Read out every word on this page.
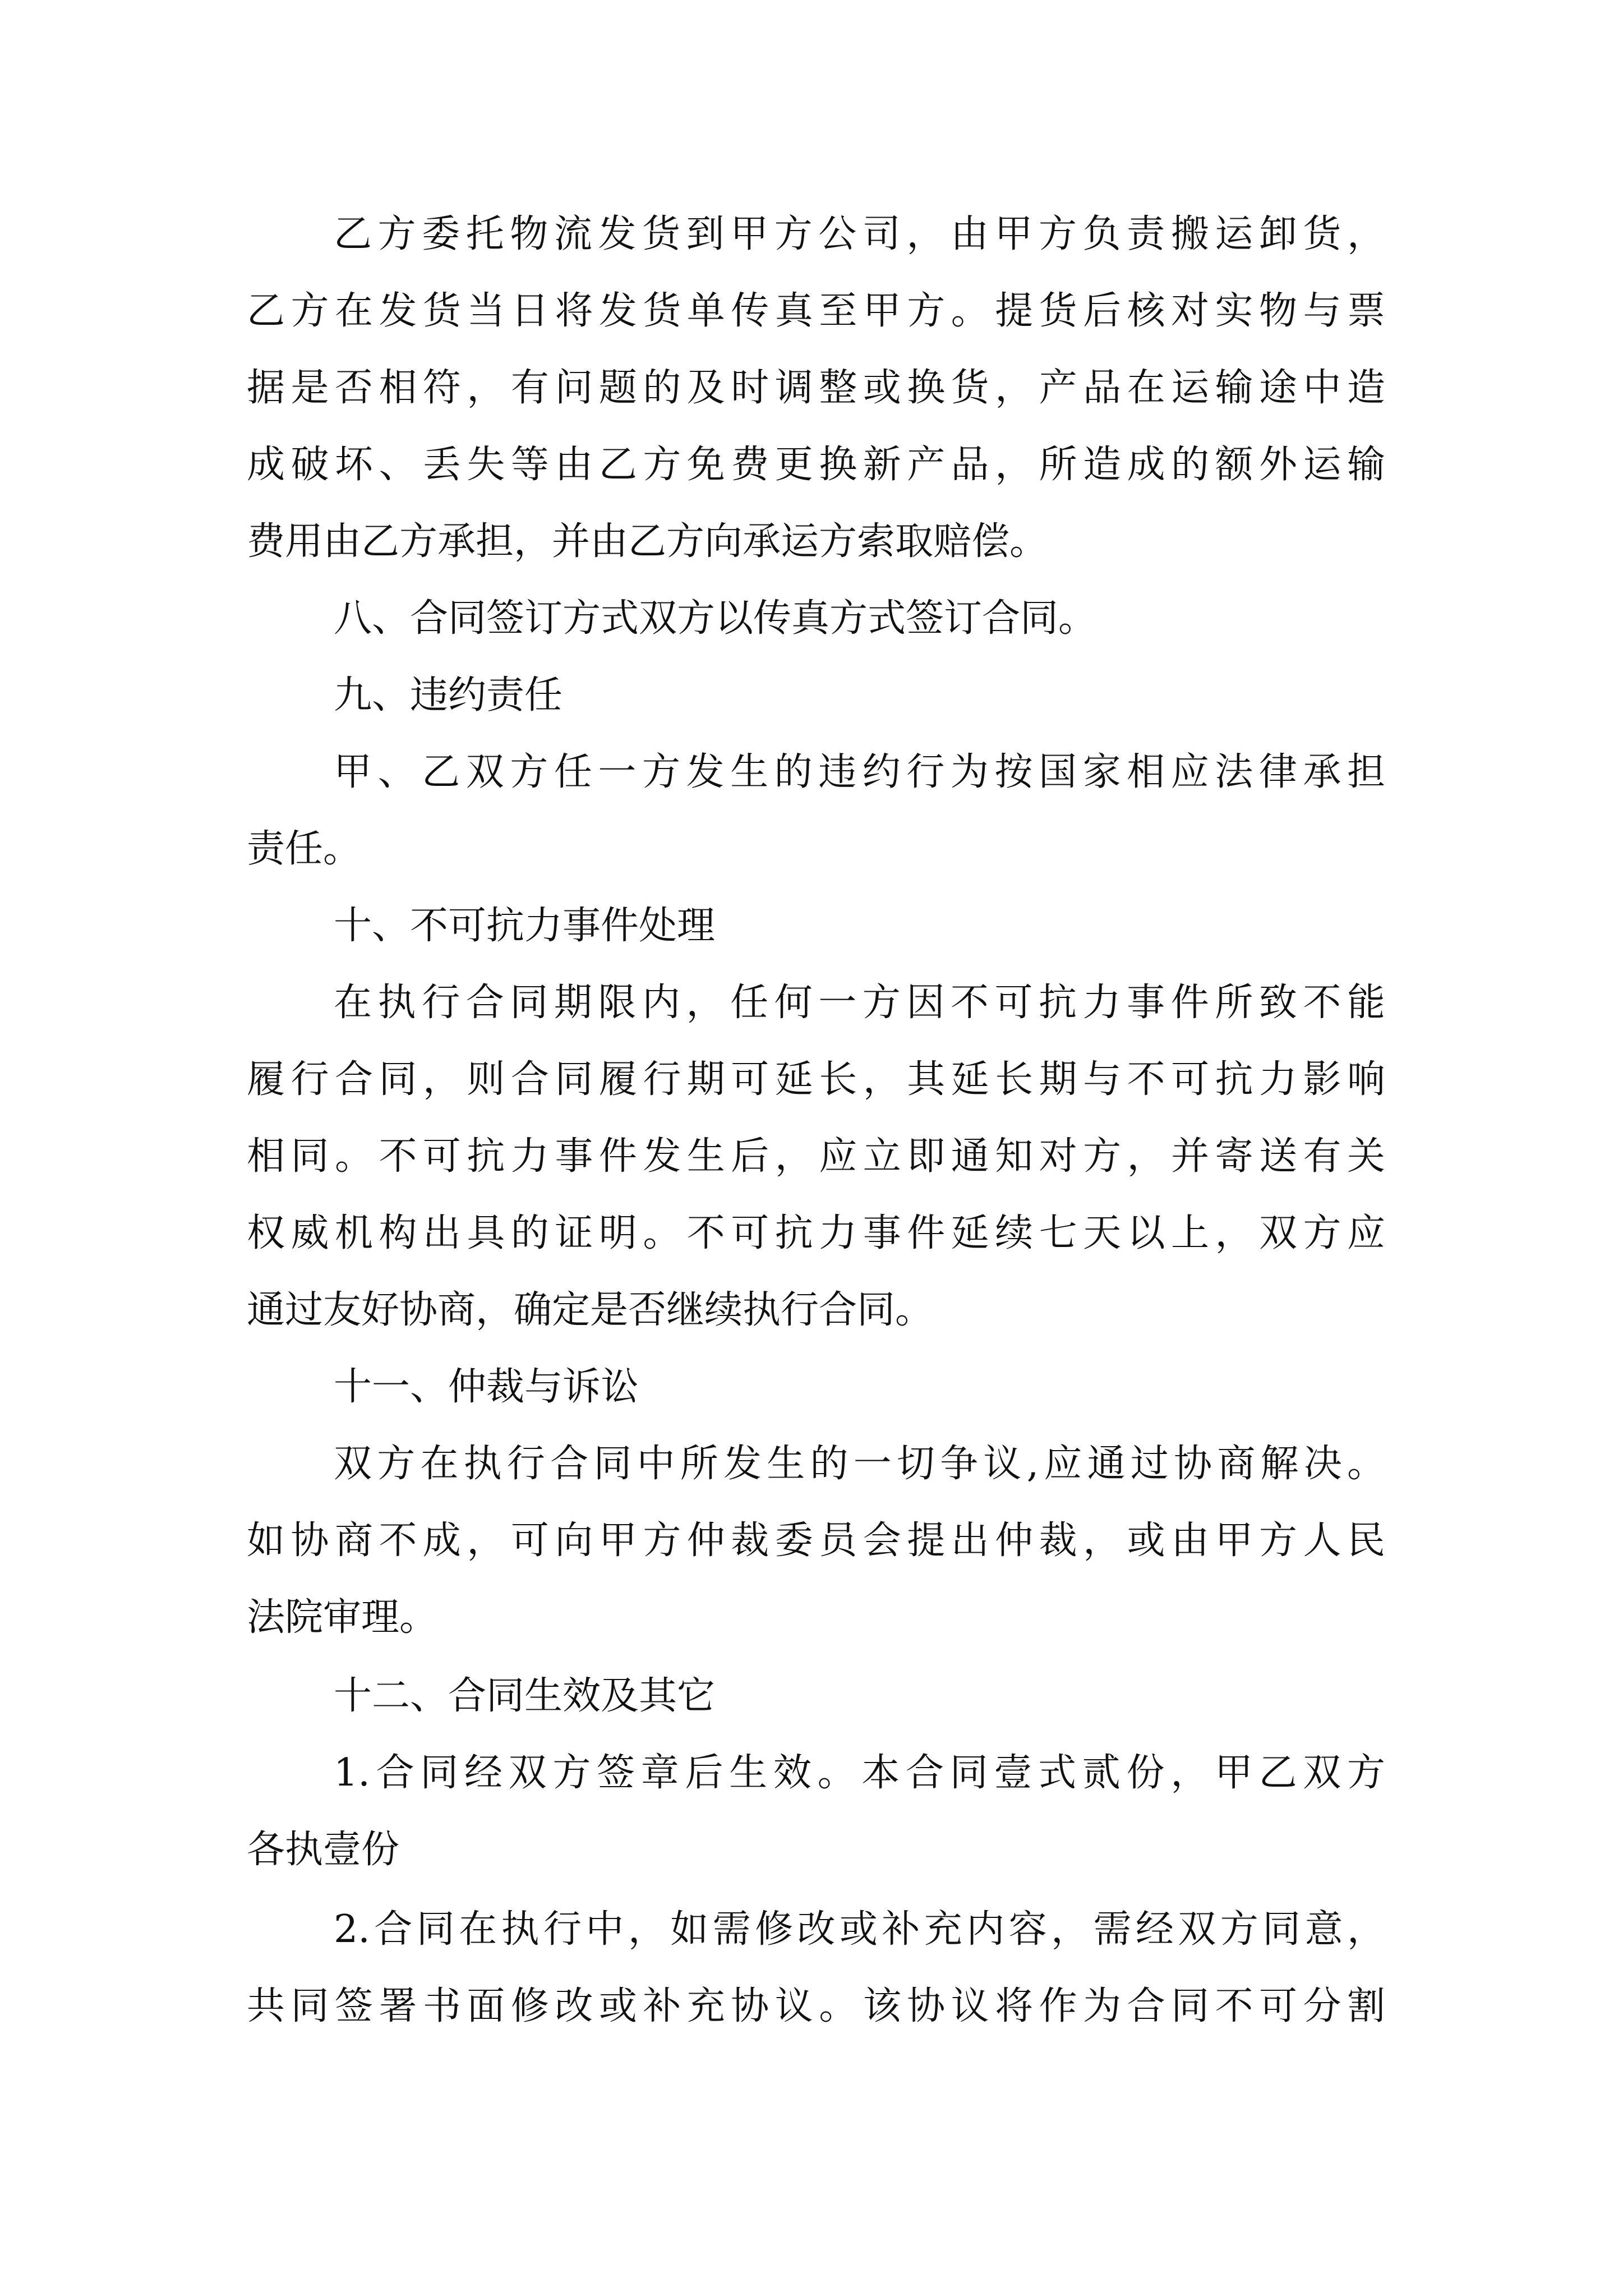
乙方委托物流发货到甲方公司，由甲方负责搬运卸货，
乙方在发货当日将发货单传真至甲方。提货后核对实物与票
据是否相符，有问题的及时调整或换货，产品在运输途中造
成破坏、丢失等由乙方免费更换新产品，所造成的额外运输
费用由乙方承担，并由乙方向承运方索取赔偿。
八、合同签订方式双方以传真方式签订合同。
九、违约责任
甲、乙双方任一方发生的违约行为按国家相应法律承担
责任。
十、不可抗力事件处理
在执行合同期限内，任何一方因不可抗力事件所致不能
履行合同，则合同履行期可延长，其延长期与不可抗力影响
相同。不可抗力事件发生后，应立即通知对方，并寄送有关
权威机构出具的证明。不可抗力事件延续七天以上，双方应
通过友好协商，确定是否继续执行合同。
十一、仲裁与诉讼
双方在执行合同中所发生的一切争议,应通过协商解决。
如协商不成，可向甲方仲裁委员会提出仲裁，或由甲方人民
法院审理。
十二、合同生效及其它
1.合同经双方签章后生效。本合同壹式贰份，甲乙双方
各执壹份
2.合同在执行中，如需修改或补充内容，需经双方同意，
共同签署书面修改或补充协议。该协议将作为合同不可分割
